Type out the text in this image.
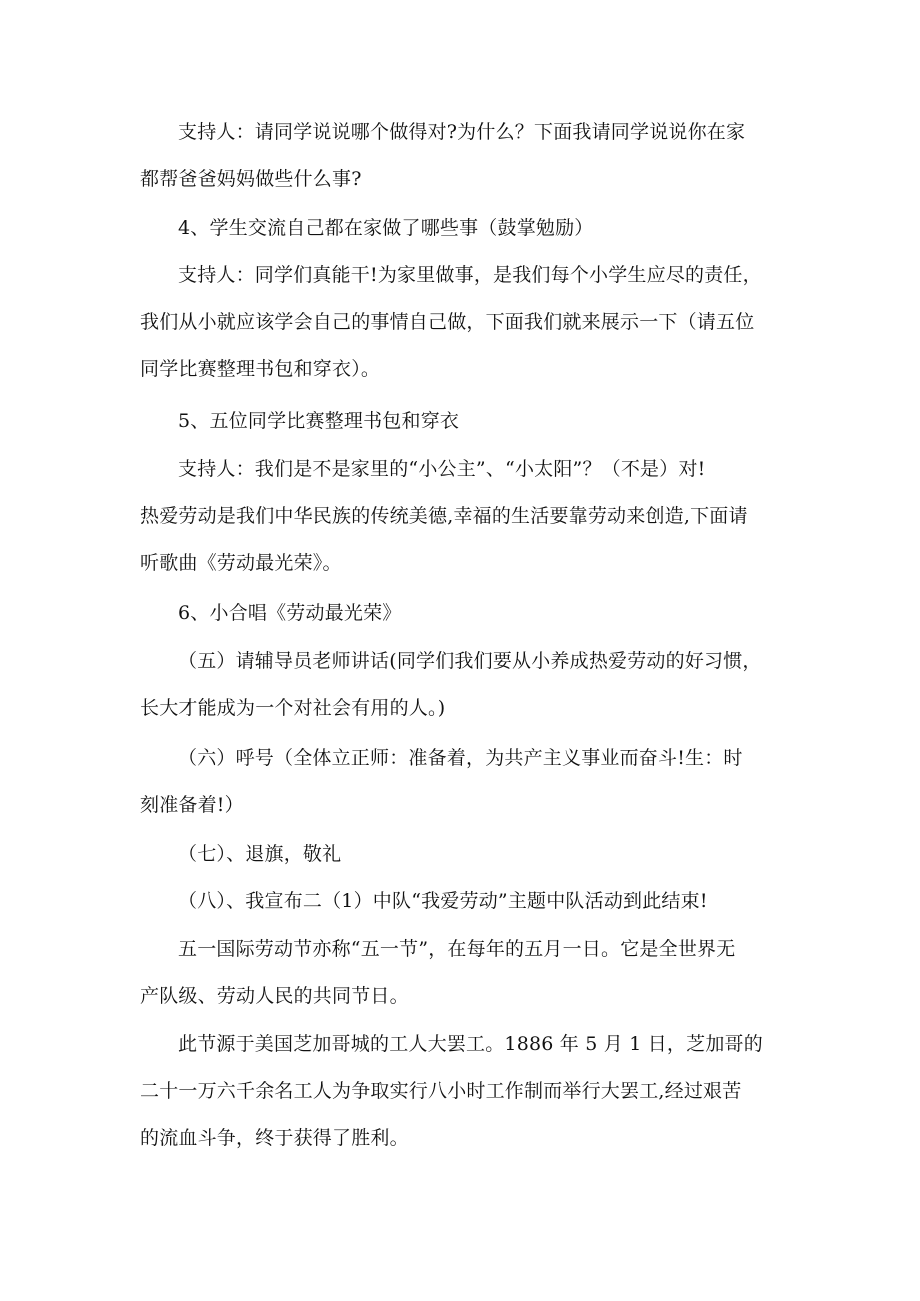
支持人：请同学说说哪个做得对?为什么？下面我请同学说说你在家
都帮爸爸妈妈做些什么事?

4、学生交流自己都在家做了哪些事（鼓掌勉励）

支持人：同学们真能干!为家里做事，是我们每个小学生应尽的责任，
我们从小就应该学会自己的事情自己做，下面我们就来展示一下（请五位
同学比赛整理书包和穿衣）。

5、五位同学比赛整理书包和穿衣

支持人：我们是不是家里的“小公主”、“小太阳”？（不是）对!
热爱劳动是我们中华民族的传统美德,幸福的生活要靠劳动来创造,下面请
听歌曲《劳动最光荣》。

6、小合唱《劳动最光荣》

（五）请辅导员老师讲话(同学们我们要从小养成热爱劳动的好习惯，
长大才能成为一个对社会有用的人。)

（六）呼号（全体立正师：准备着，为共产主义事业而奋斗!生：时
刻准备着!）

（七）、退旗，敬礼

（八）、我宣布二（1）中队“我爱劳动”主题中队活动到此结束!

五一国际劳动节亦称“五一节”，在每年的五月一日。它是全世界无
产队级、劳动人民的共同节日。

此节源于美国芝加哥城的工人大罢工。1886 年 5 月 1 日，芝加哥的
二十一万六千余名工人为争取实行八小时工作制而举行大罢工,经过艰苦
的流血斗争，终于获得了胜利。
